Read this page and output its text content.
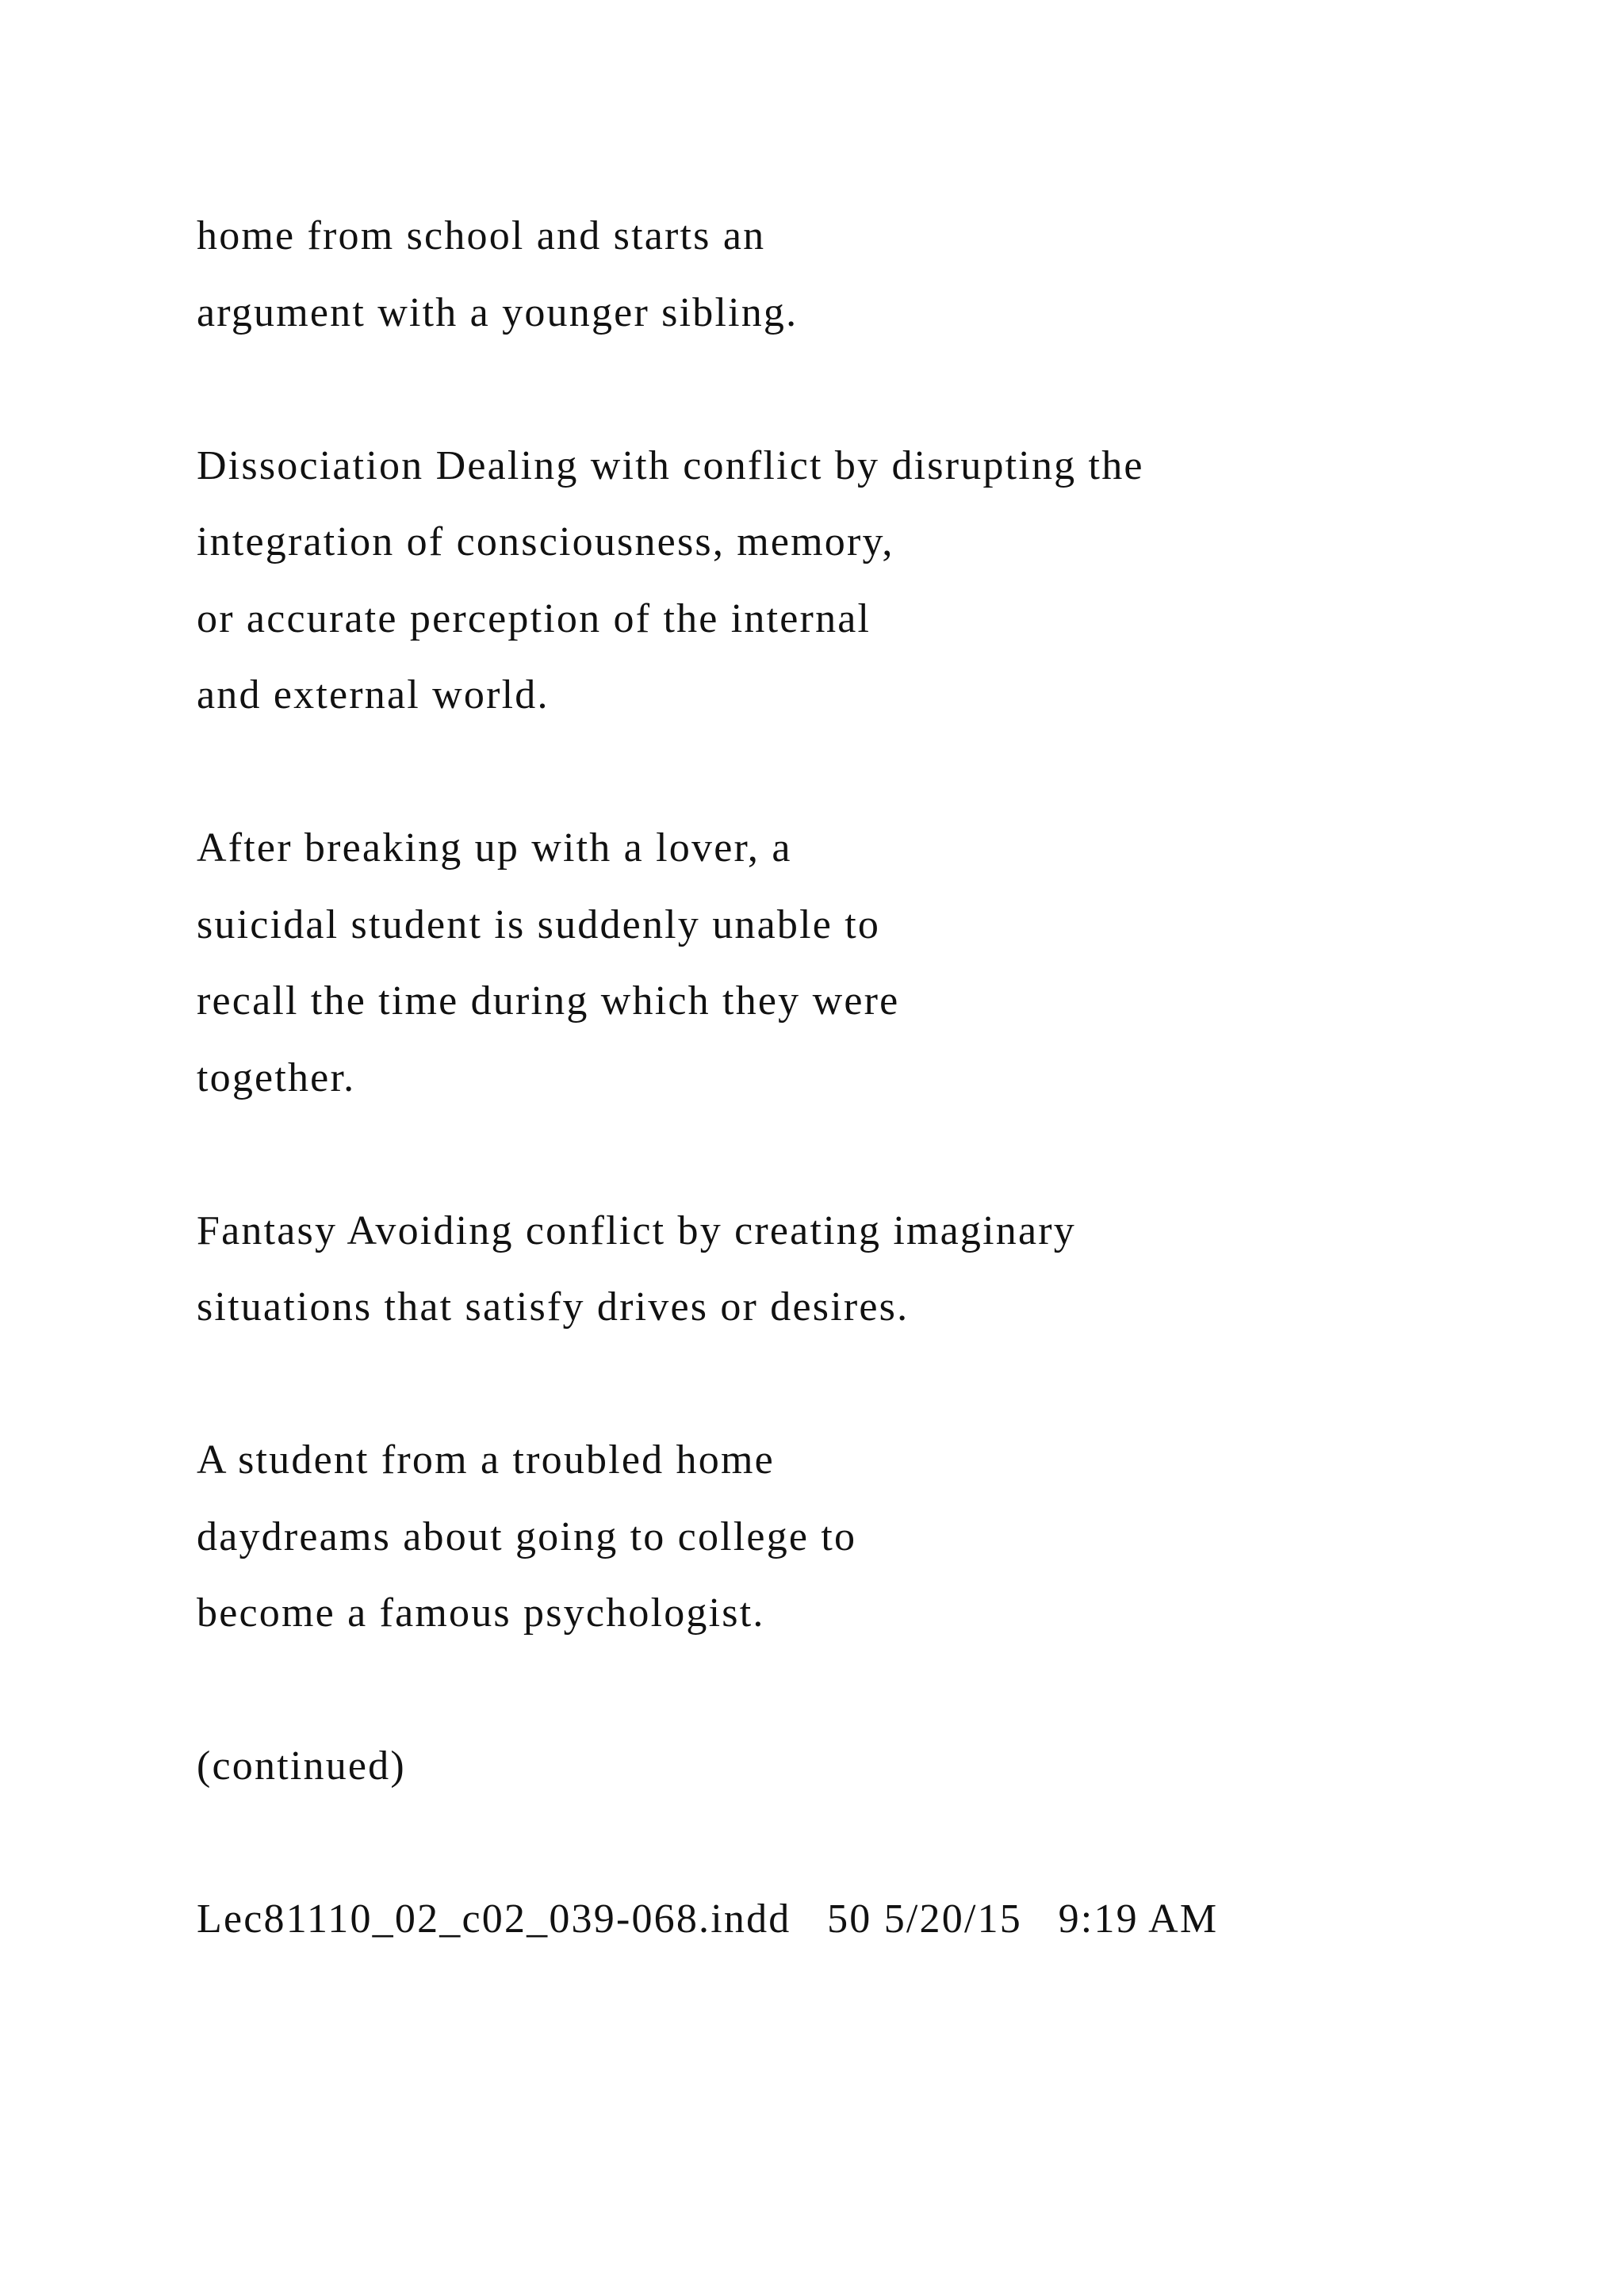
home from school and starts an
argument with a younger sibling.
Dissociation Dealing with conflict by disrupting the
integration of consciousness, memory,
or accurate perception of the internal
and external world.
After breaking up with a lover, a
suicidal student is suddenly unable to
recall the time during which they were
together.
Fantasy Avoiding conflict by creating imaginary
situations that satisfy drives or desires.
A student from a troubled home
daydreams about going to college to
become a famous psychologist.
(continued)
Lec81110_02_c02_039-068.indd   50 5/20/15   9:19 AM
